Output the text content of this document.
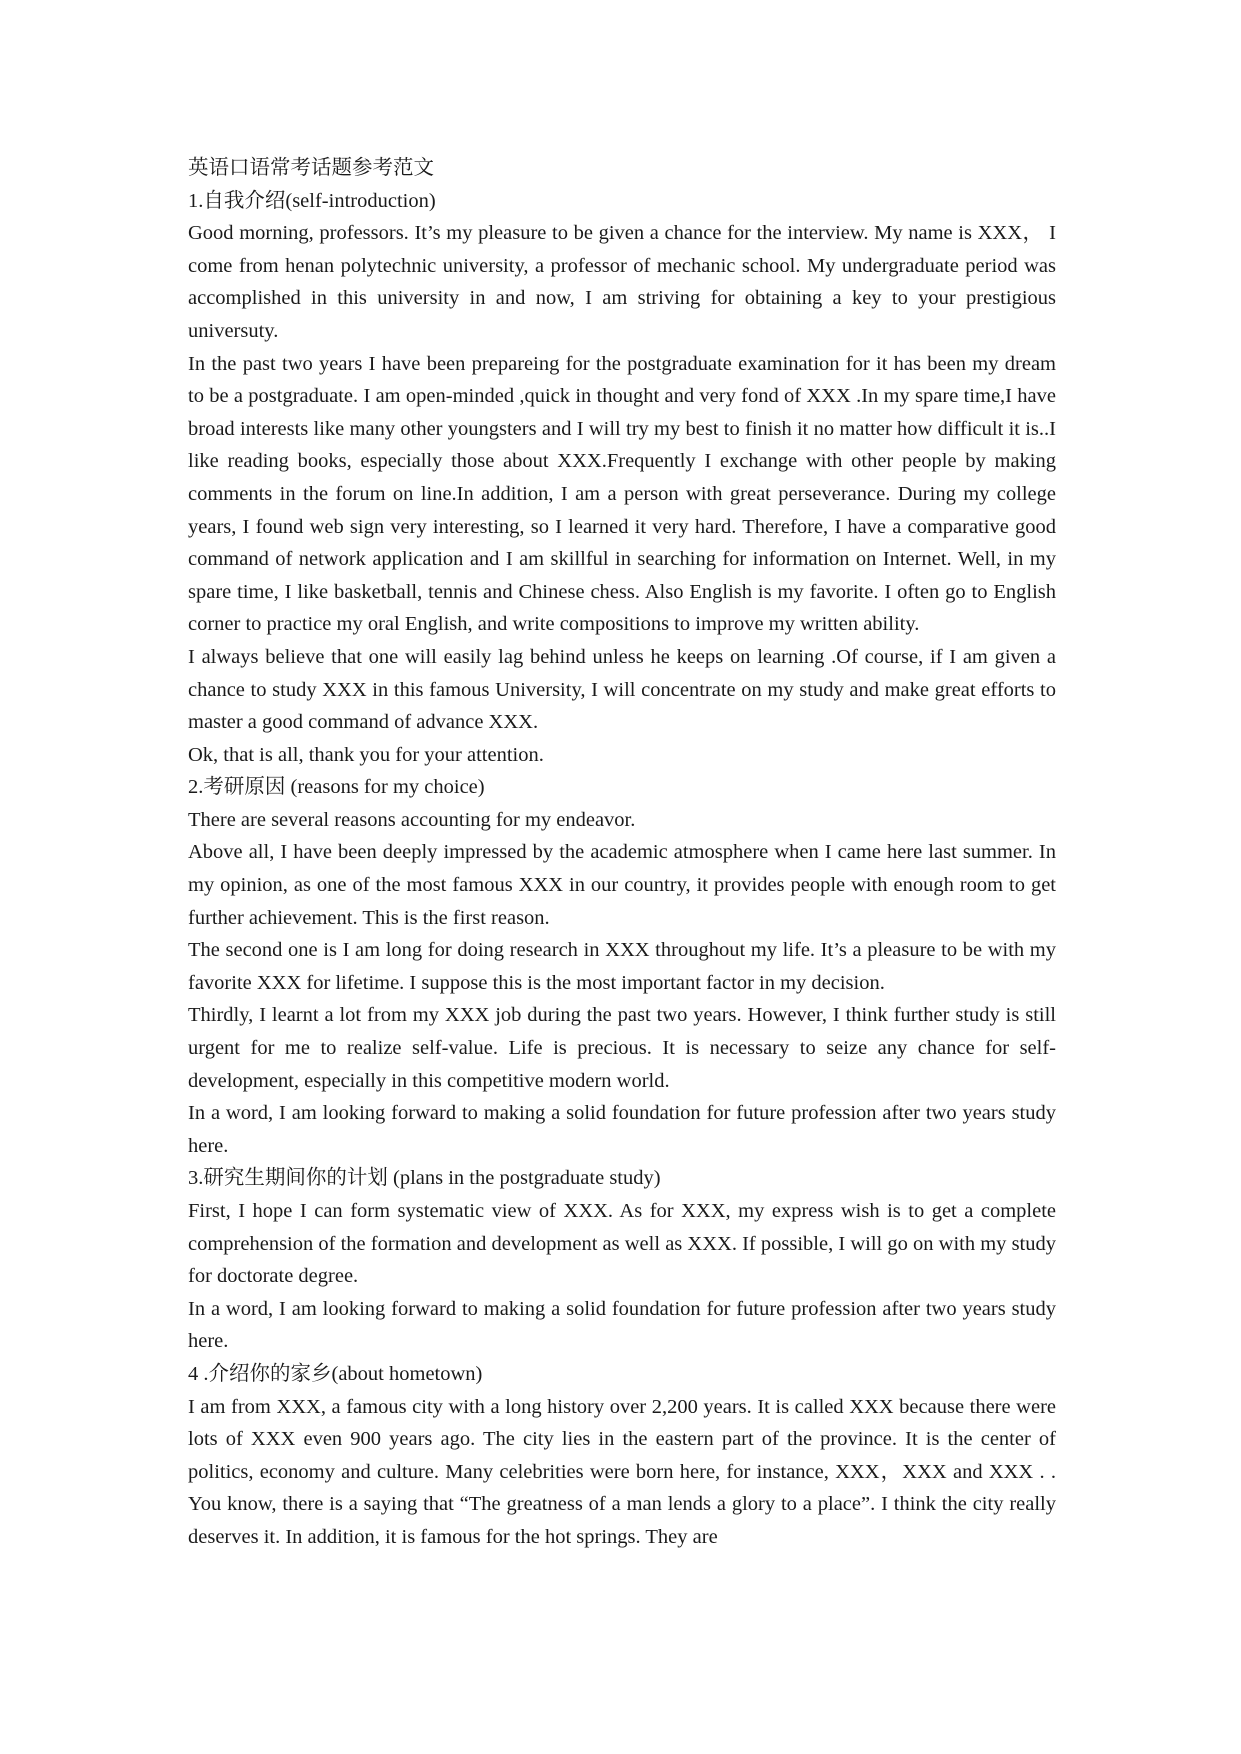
英语口语常考话题参考范文

1.自我介绍(self-introduction)

Good morning, professors. It’s my pleasure to be given a chance for the interview. My name is XXX， I come from henan polytechnic university, a professor of mechanic school. My undergraduate period was accomplished in this university in and now, I am striving for obtaining a key to your prestigious universuty.

In the past two years I have been prepareing for the postgraduate examination for it has been my dream to be a postgraduate. I am open-minded ,quick in thought and very fond of XXX .In my spare time,I have broad interests like many other youngsters and I will try my best to finish it no matter how difficult it is..I like reading books, especially those about XXX.Frequently I exchange with other people by making comments in the forum on line.In addition, I am a person with great perseverance. During my college years, I found web sign very interesting, so I learned it very hard. Therefore, I have a comparative good command of network application and I am skillful in searching for information on Internet. Well, in my spare time, I like basketball, tennis and Chinese chess. Also English is my favorite. I often go to English corner to practice my oral English, and write compositions to improve my written ability.

I always believe that one will easily lag behind unless he keeps on learning .Of course, if I am given a chance to study XXX in this famous University, I will concentrate on my study and make great efforts to master a good command of advance XXX.

Ok, that is all, thank you for your attention.

2.考研原因 (reasons for my choice)

There are several reasons accounting for my endeavor.

Above all, I have been deeply impressed by the academic atmosphere when I came here last summer. In my opinion, as one of the most famous XXX in our country, it provides people with enough room to get further achievement. This is the first reason.

The second one is I am long for doing research in XXX throughout my life. It’s a pleasure to be with my favorite XXX for lifetime. I suppose this is the most important factor in my decision.

Thirdly, I learnt a lot from my XXX job during the past two years. However, I think further study is still urgent for me to realize self-value. Life is precious. It is necessary to seize any chance for self-development, especially in this competitive modern world.

In a word, I am looking forward to making a solid foundation for future profession after two years study here.

3.研究生期间你的计划 (plans in the postgraduate study)

First, I hope I can form systematic view of XXX. As for XXX, my express wish is to get a complete comprehension of the formation and development as well as XXX. If possible, I will go on with my study for doctorate degree.

In a word, I am looking forward to making a solid foundation for future profession after two years study here.

4 .介绍你的家乡(about hometown)

I am from XXX, a famous city with a long history over 2,200 years. It is called XXX because there were lots of XXX even 900 years ago. The city lies in the eastern part of the province. It is the center of politics, economy and culture. Many celebrities were born here, for instance, XXX，XXX and XXX . . You know, there is a saying that “The greatness of a man lends a glory to a place”. I think the city really deserves it. In addition, it is famous for the hot springs. They are
